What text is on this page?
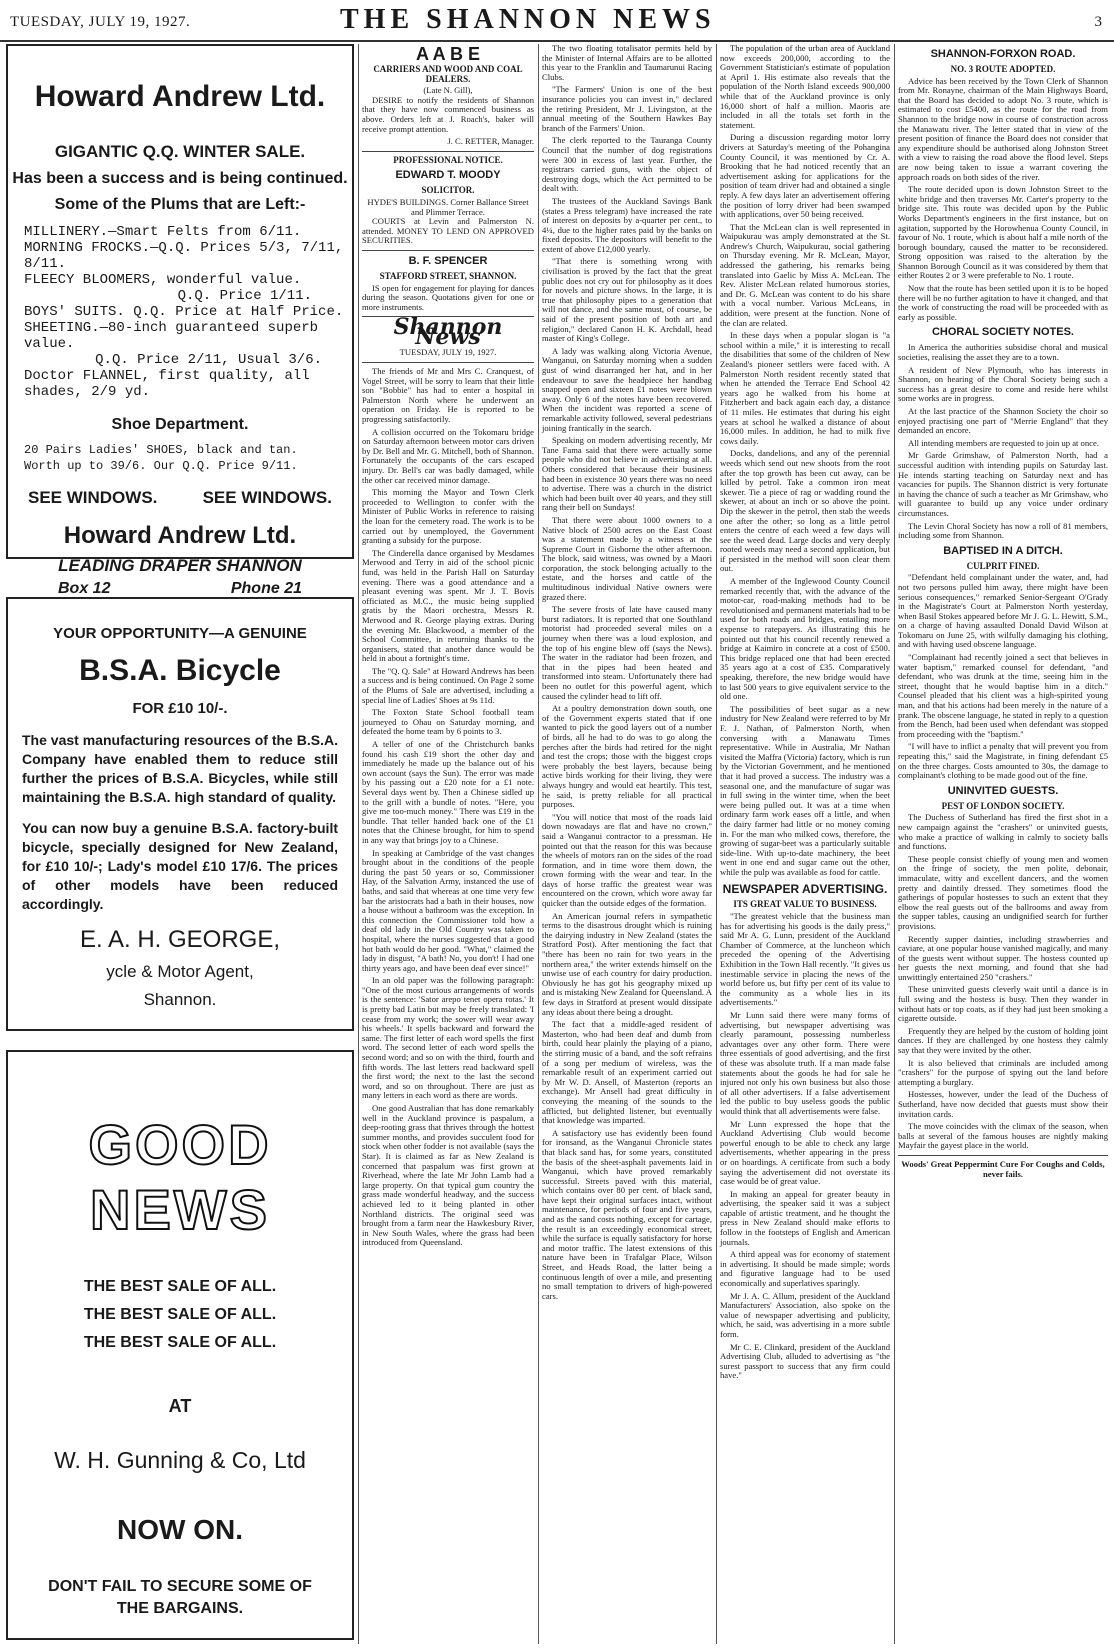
TUESDAY, JULY 19, 1927.	THE SHANNON NEWS	3
Howard Andrew Ltd.
GIGANTIC Q.Q. WINTER SALE.
Has been a success and is being continued.
Some of the Plums that are Left:-
MILLINERY.—Smart Felts from 6/11.
MORNING FROCKS.—Q.Q. Prices 5/3, 7/11, 8/11.
FLEECY BLOOMERS, wonderful value.
Q.Q. Price 1/11.
BOYS' SUITS. Q.Q. Price at Half Price.
SHEETING.—80-inch guaranteed superb value.
Q.Q. Price 2/11, Usual 3/6.
Doctor FLANNEL, first quality, all shades, 2/9 yd.
Shoe Department.
20 Pairs Ladies' SHOES, black and tan. Worth up to 39/6. Our Q.Q. Price 9/11.
SEE WINDOWS.	SEE WINDOWS.
Howard Andrew Ltd.
LEADING DRAPER SHANNON
Box 12	Phone 21
YOUR OPPORTUNITY—A GENUINE
B.S.A. Bicycle
FOR £10 10/-.
The vast manufacturing resources of the B.S.A. Company have enabled them to reduce still further the prices of B.S.A. Bicycles, while still maintaining the B.S.A. high standard of quality.
You can now buy a genuine B.S.A. factory-built bicycle, specially designed for New Zealand, for £10 10/-; Lady's model £10 17/6. The prices of other models have been reduced accordingly.
E. A. H. GEORGE,
ycle & Motor Agent,
Shannon.
GOOD NEWS
THE BEST SALE OF ALL.
THE BEST SALE OF ALL.
THE BEST SALE OF ALL.
AT
W. H. Gunning & Co, Ltd
NOW ON.
DON'T FAIL TO SECURE SOME OF THE BARGAINS.
A A B E
CARRIERS AND WOOD AND COAL DEALERS.
(Late N. Gill),

DESIRE to notify the residents of Shannon that they have now commenced business as above. Orders left at J. Roach's, baker will receive prompt attention.

J. C. RETTER, Manager.
PROFESSIONAL NOTICE.
EDWARD T. MOODY
SOLICITOR.
HYDE'S BUILDINGS. Corner Ballance Street and Plimmer Terrace.

COURTS at Levin and Palmerston N. attended. MONEY TO LEND ON APPROVED SECURITIES.

B. F. SPENCER
STAFFORD STREET, SHANNON.

IS open for engagement for playing for dances during the season. Quotations given for one or more instruments.

Shannon News
TUESDAY, JULY 19, 1927.

The friends of Mr and Mrs C. Cranquest, of Vogel Street, will be sorry to learn that their little son "Bobbie" has had to enter a hospital in Palmerston North where he underwent an operation on Friday. He is reported to be progressing satisfactorily.

A collision occurred on the Tokomaru bridge on Saturday afternoon between motor cars driven by Dr. Bell and Mr. G. Mitchell, both of Shannon. Fortunately the occupants of the cars escaped injury. Dr. Bell's car was badly damaged, while the other car received minor damage.

This morning the Mayor and Town Clerk proceeded to Wellington to confer with the Minister of Public Works in reference to raising the loan for the cemetery road. The work is to be carried out by unemployed, the Government granting a subsidy for the purpose.

The Cinderella dance organised by Mesdames Merwood and Terry in aid of the school picnic fund, was held in the Parish Hall on Saturday evening. There was a good attendance and a pleasant evening was spent. Mr J. T. Bovis officiated as M.C., the music being supplied gratis by the Maori orchestra, Messrs R. Merwood and R. George playing extras. During the evening Mr. Blackwood, a member of the School Committee, in returning thanks to the organisers, stated that another dance would be held in about a fortnight's time.

The "Q. Q. Sale" at Howard Andrews has been a success and is being continued. On Page 2 some of the Plums of Sale are advertised, including a special line of Ladies' Shoes at 9s 11d.

The Foxton State School football team journeyed to Ohau on Saturday morning, and defeated the home team by 6 points to 3.

A teller of one of the Christchurch banks found his cash £19 short the other day and immediately he made up the balance out of his own account (says the Sun). The error was made by his passing out a £20 note for a £1 note. Several days went by. Then a Chinese sidled up to the grill with a bundle of notes. "Here, you give me too-much money." There was £19 in the bundle. That teller handed back one of the £1 notes that the Chinese brought, for him to spend in any way that brings joy to a Chinese.

In speaking at Cambridge of the vast changes brought about in the conditions of the people during the past 50 years or so, Commissioner Hay, of the Salvation Army, instanced the use of baths, and said that whereas at one time very few bar the aristocrats had a bath in their houses, now a house without a bathroom was the exception. In this connection the Commissioner told how a deaf old lady in the Old Country was taken to hospital, where the nurses suggested that a good hot bath would do her good. "What," claimed the lady in disgust, "A bath! No, you don't! I had one thirty years ago, and have been deaf ever since!"

In an old paper was the following paragraph: "One of the most curious arrangements of words is the sentence: 'Sator arepo tenet opera rotas.' It is pretty bad Latin but may be freely translated: 'I cease from my work; the sower will wear away his wheels.' It spells backward and forward the same. The first letter of each word spells the first word. The second letter of each word spells the second word; and so on with the third, fourth and fifth words. The last letters read backward spell the first word; the next to the last the second word, and so on throughout. There are just as many letters in each word as there are words.

One good Australian that has done remarkably well in the Auckland province is paspalum, a deep-rooting grass that thrives through the hottest summer months, and provides succulent food for stock when other fodder is not available (says the Star). It is claimed as far as New Zealand is concerned that paspalum was first grown at Riverhead, where the late Mr John Lamb had a large property. On that typical gum country the grass made wonderful headway, and the success achieved led to it being planted in other Northland districts. The original seed was brought from a farm near the Hawkesbury River, in New South Wales, where the grass had been introduced from Queensland.

The two floating totalisator permits held by the Minister of Internal Affairs are to be allotted this year to the Franklin and Taumarunui Racing Clubs.

"The Farmers' Union is one of the best insurance policies you can invest in," declared the retiring President, Mr J. Livingston, at the annual meeting of the Southern Hawkes Bay branch of the Farmers' Union.

The clerk reported to the Tauranga County Council that the number of dog registrations were 300 in excess of last year. Further, the registrars carried guns, with the object of destroying dogs, which the Act permitted to be dealt with.

The trustees of the Auckland Savings Bank (states a Press telegram) have increased the rate of interest on deposits by a-quarter per cent., to 4¼, due to the higher rates paid by the banks on fixed deposits. The depositors will benefit to the extent of above £12,000 yearly.

"That there is something wrong with civilisation is proved by the fact that the great public does not cry out for philosophy as it does for novels and picture shows. In the large, it is true that philosophy pipes to a generation that will not dance, and the same must, of course, be said of the present position of both art and religion," declared Canon H. K. Archdall, head master of King's College.

A lady was walking along Victoria Avenue, Wanganui, on Saturday morning when a sudden gust of wind disarranged her hat, and in her endeavour to save the headpiece her handbag snapped open and sixteen £1 notes were blown away. Only 6 of the notes have been recovered. When the incident was reported a scene of remarkable activity followed, several pedestrians joining frantically in the search.

Speaking on modern advertising recently, Mr Tane Fama said that there were actually some people who did not believe in advertising at all. Others considered that because their business had been in existence 30 years there was no need to advertise. There was a church in the district which had been built over 40 years, and they still rang their bell on Sundays!

That there were about 1000 owners to a Native block of 2500 acres on the East Coast was a statement made by a witness at the Supreme Court in Gisborne the other afternoon. The block, said witness, was owned by a Maori corporation, the stock belonging actually to the estate, and the horses and cattle of the multitudinous individual Native owners were grazed there.

The severe frosts of late have caused many burst radiators. It is reported that one Southland motorist had proceeded several miles on a journey when there was a loud explosion, and the top of his engine blew off (says the News). The water in the radiator had been frozen, and that in the pipes had been heated and transformed into steam. Unfortunately there had been no outlet for this powerful agent, which caused the cylinder head to lift off.

At a poultry demonstration down south, one of the Government experts stated that if one wanted to pick the good layers out of a number of birds, all he had to do was to go along the perches after the birds had retired for the night and test the crops; those with the biggest crops were probably the best layers, because being active birds working for their living, they were always hungry and would eat heartily. This test, he said, is pretty reliable for all practical purposes.

"You will notice that most of the roads laid down nowadays are flat and have no crown," said a Wanganui contractor to a pressman. He pointed out that the reason for this was because the wheels of motors ran on the sides of the road formation, and in time wore them down, the crown forming with the wear and tear. In the days of horse traffic the greatest wear was encountered on the crown, which wore away far quicker than the outside edges of the formation.

An American journal refers in sympathetic terms to the disastrous drought which is ruining the dairying industry in New Zealand (states the Stratford Post). After mentioning the fact that "there has been no rain for two years in the northern area," the writer extends himself on the unwise use of each country for dairy production. Obviously he has got his geography mixed up and is mistaking New Zealand for Queensland. A few days in Stratford at present would dissipate any ideas about there being a drought.

The fact that a middle-aged resident of Masterton, who had been deaf and dumb from birth, could hear plainly the playing of a piano, the stirring music of a band, and the soft refrains of a song per medium of wireless, was the remarkable result of an experiment carried out by Mr W. D. Ansell, of Masterton (reports an exchange). Mr Ansell had great difficulty in conveying the meaning of the sounds to the afflicted, but delighted listener, but eventually that knowledge was imparted.

A satisfactory use has evidently been found for ironsand, as the Wanganui Chronicle states that black sand has, for some years, constituted the basis of the sheet-asphalt pavements laid in Wanganui, which have proved remarkably successful. Streets paved with this material, which contains over 80 per cent. of black sand, have kept their original surfaces intact, without maintenance, for periods of four and five years, and as the sand costs nothing, except for cartage, the result is an exceedingly economical street, while the surface is equally satisfactory for horse and motor traffic. The latest extensions of this nature have been in Trafalgar Place, Wilson Street, and Heads Road, the latter being a continuous length of over a mile, and presenting no small temptation to drivers of high-powered cars.

The population of the urban area of Auckland now exceeds 200,000, according to the Government Statistician's estimate of population at April 1. His estimate also reveals that the population of the North Island exceeds 900,000 while that of the Auckland province is only 16,000 short of half a million. Maoris are included in all the totals set forth in the statement.

During a discussion regarding motor lorry drivers at Saturday's meeting of the Pohangina County Council, it was mentioned by Cr. A. Brooking that he had noticed recently that an advertisement asking for applications for the position of team driver had and obtained a single reply. A few days later an advertisement offering the position of lorry driver had been swamped with applications, over 50 being received.

That the McLean clan is well represented in Waipukurau was amply demonstrated at the St. Andrew's Church, Waipukurau, social gathering on Thursday evening. Mr R. McLean, Mayor, addressed the gathering, his remarks being translated into Gaelic by Miss A. McLean. The Rev. Alister McLean related humorous stories, and Dr. G. McLean was content to do his share with a vocal number. Various McLeans, in addition, were present at the function. None of the clan are related.

In these days when a popular slogan is "a school within a mile," it is interesting to recall the disabilities that some of the children of New Zealand's pioneer settlers were faced with. A Palmerston North resident recently stated that when he attended the Terrace End School 42 years ago he walked from his home at Fitzherbert and back again each day, a distance of 11 miles. He estimates that during his eight years at school he walked a distance of about 16,000 miles. In addition, he had to milk five cows daily.

Docks, dandelions, and any of the perennial weeds which send out new shoots from the root after the top growth has been cut away, can be killed by petrol. Take a common iron meat skewer. Tie a piece of rag or wadding round the skewer, at about an inch or so above the point. Dip the skewer in the petrol, then stab the weeds one after the other; so long as a little petrol enters the centre of each weed a few days will see the weed dead. Large docks and very deeply rooted weeds may need a second application, but if persisted in the method will soon clear them out.

A member of the Inglewood County Council remarked recently that, with the advance of the motor-car, road-making methods had to be revolutionised and permanent materials had to be used for both roads and bridges, entailing more expense to ratepayers. As illustrating this he pointed out that his council recently renewed a bridge at Kaimiro in concrete at a cost of £500. This bridge replaced one that had been erected 35 years ago at a cost of £35. Comparatively speaking, therefore, the new bridge would have to last 500 years to give equivalent service to the old one.

The possibilities of beet sugar as a new industry for New Zealand were referred to by Mr F. J. Nathan, of Palmerston North, when conversing with a Manawatu Times representative. While in Australia, Mr Nathan visited the Maffra (Victoria) factory, which is run by the Victorian Government, and he mentioned that it had proved a success. The industry was a seasonal one, and the manufacture of sugar was in full swing in the winter time, when the beet were being pulled out. It was at a time when ordinary farm work eases off a little, and when the dairy farmer had little or no money coming in. For the man who milked cows, therefore, the growing of sugar-beet was a particularly suitable side-line. With up-to-date machinery, the beet went in one end and sugar came out the other, while the pulp was available as food for cattle.

NEWSPAPER ADVERTISING.
ITS GREAT VALUE TO BUSINESS.

"The greatest vehicle that the business man has for advertising his goods is the daily press," said Mr A. G. Lunn, president of the Auckland Chamber of Commerce, at the luncheon which preceded the opening of the Advertising Exhibition in the Town Hall recently. "It gives us inestimable service in placing the news of the world before us, but fifty per cent of its value to the community as a whole lies in its advertisements."

Mr Lunn said there were many forms of advertising, but newspaper advertising was clearly paramount, possessing numberless advantages over any other form. There were three essentials of good advertising, and the first of these was absolute truth. If a man made false statements about the goods he had for sale he injured not only his own business but also those of all other advertisers. If a false advertisement led the public to buy useless goods the public would think that all advertisements were false.

Mr Lunn expressed the hope that the Auckland Advertising Club would become powerful enough to be able to check any large advertisements, whether appearing in the press or on hoardings. A certificate from such a body saying the advertisement did not overstate its case would be of great value.

In making an appeal for greater beauty in advertising, the speaker said it was a subject capable of artistic treatment, and he thought the press in New Zealand should make efforts to follow in the footsteps of English and American journals.

A third appeal was for economy of statement in advertising. It should be made simple; words and figurative language had to be used economically and superlatives sparingly.

Mr J. A. C. Allum, president of the Auckland Manufacturers' Association, also spoke on the value of newspaper advertising and publicity, which, he said, was advertising in a more subtle form.

Mr C. E. Clinkard, president of the Auckland Advertising Club, alluded to advertising as "the surest passport to success that any firm could have."

SHANNON-FORXON ROAD.
NO. 3 ROUTE ADOPTED.

Advice has been received by the Town Clerk of Shannon from Mr. Ronayne, chairman of the Main Highways Board, that the Board has decided to adopt No. 3 route, which is estimated to cost £5400, as the route for the road from Shannon to the bridge now in course of construction across the Manawatu river. The letter stated that in view of the present position of finance the Board does not consider that any expenditure should be authorised along Johnston Street with a view to raising the road above the flood level. Steps are now being taken to issue a warrant covering the approach roads on both sides of the river.

The route decided upon is down Johnston Street to the white bridge and then traverses Mr. Carter's property to the bridge site. This route was decided upon by the Public Works Department's engineers in the first instance, but on agitation, supported by the Horowhenua County Council, in favour of No. 1 route, which is about half a mile north of the borough boundary, caused the matter to be reconsidered. Strong opposition was raised to the alteration by the Shannon Borough Council as it was considered by them that either Routes 2 or 3 were preferable to No. 1 route.

Now that the route has been settled upon it is to be hoped there will be no further agitation to have it changed, and that the work of constructing the road will be proceeded with as early as possible.

CHORAL SOCIETY NOTES.

In America the authorities subsidise choral and musical societies, realising the asset they are to a town.

A resident of New Plymouth, who has interests in Shannon, on hearing of the Choral Society being such a success has a great desire to come and reside here whilst some works are in progress.

At the last practice of the Shannon Society the choir so enjoyed practising one part of "Merrie England" that they demanded an encore.

All intending members are requested to join up at once.

Mr Garde Grimshaw, of Palmerston North, had a successful audition with intending pupils on Saturday last. He intends starting teaching on Saturday next and has vacancies for pupils. The Shannon district is very fortunate in having the chance of such a teacher as Mr Grimshaw, who will guarantee to build up any voice under ordinary circumstances.

The Levin Choral Society has now a roll of 81 members, including some from Shannon.

BAPTISED IN A DITCH.
CULPRIT FINED.

"Defendant held complainant under the water, and, had not two persons pulled him away, there might have been serious consequences," remarked Senior-Sergeant O'Grady in the Magistrate's Court at Palmerston North yesterday, when Basil Stokes appeared before Mr J. G. L. Hewitt, S.M., on a charge of having assaulted Donald David Wilson at Tokomaru on June 25, with wilfully damaging his clothing, and with having used obscene language.

"Complainant had recently joined a sect that believes in water baptism," remarked counsel for defendant, "and defendant, who was drunk at the time, seeing him in the street, thought that he would baptise him in a ditch." Counsel pleaded that his client was a high-spirited young man, and that his actions had been merely in the nature of a prank. The obscene language, he stated in reply to a question from the Bench, had been used when defendant was stopped from proceeding with the "baptism."

"I will have to inflict a penalty that will prevent you from repeating this," said the Magistrate, in fining defendant £5 on the three charges. Costs amounted to 30s, the damage to complainant's clothing to be made good out of the fine.

UNINVITED GUESTS.
PEST OF LONDON SOCIETY.

The Duchess of Sutherland has fired the first shot in a new campaign against the "crashers" or uninvited guests, who make a practice of walking in calmly to society balls and functions.

These people consist chiefly of young men and women on the fringe of society, the men polite, debonair, immaculate, witty and excellent dancers, and the women pretty and daintily dressed. They sometimes flood the gatherings of popular hostesses to such an extent that they elbow the real guests out of the ballrooms and away from the supper tables, causing an undignified search for further provisions.

Recently supper dainties, including strawberries and caviare, at one popular house vanished magically, and many of the guests went without supper. The hostess counted up her guests the next morning, and found that she had unwittingly entertained 250 "crashers."

These uninvited guests cleverly wait until a dance is in full swing and the hostess is busy. Then they wander in without hats or top coats, as if they had just been smoking a cigarette outside.

Frequently they are helped by the custom of holding joint dances. If they are challenged by one hostess they calmly say that they were invited by the other.

It is also believed that criminals are included among "crashers" for the purpose of spying out the land before attempting a burglary.

Hostesses, however, under the lead of the Duchess of Sutherland, have now decided that guests must show their invitation cards.

The move coincides with the climax of the season, when balls at several of the famous houses are nightly making Mayfair the gayest place in the world.

Woods' Great Peppermint Cure For Coughs and Colds, never fails.
